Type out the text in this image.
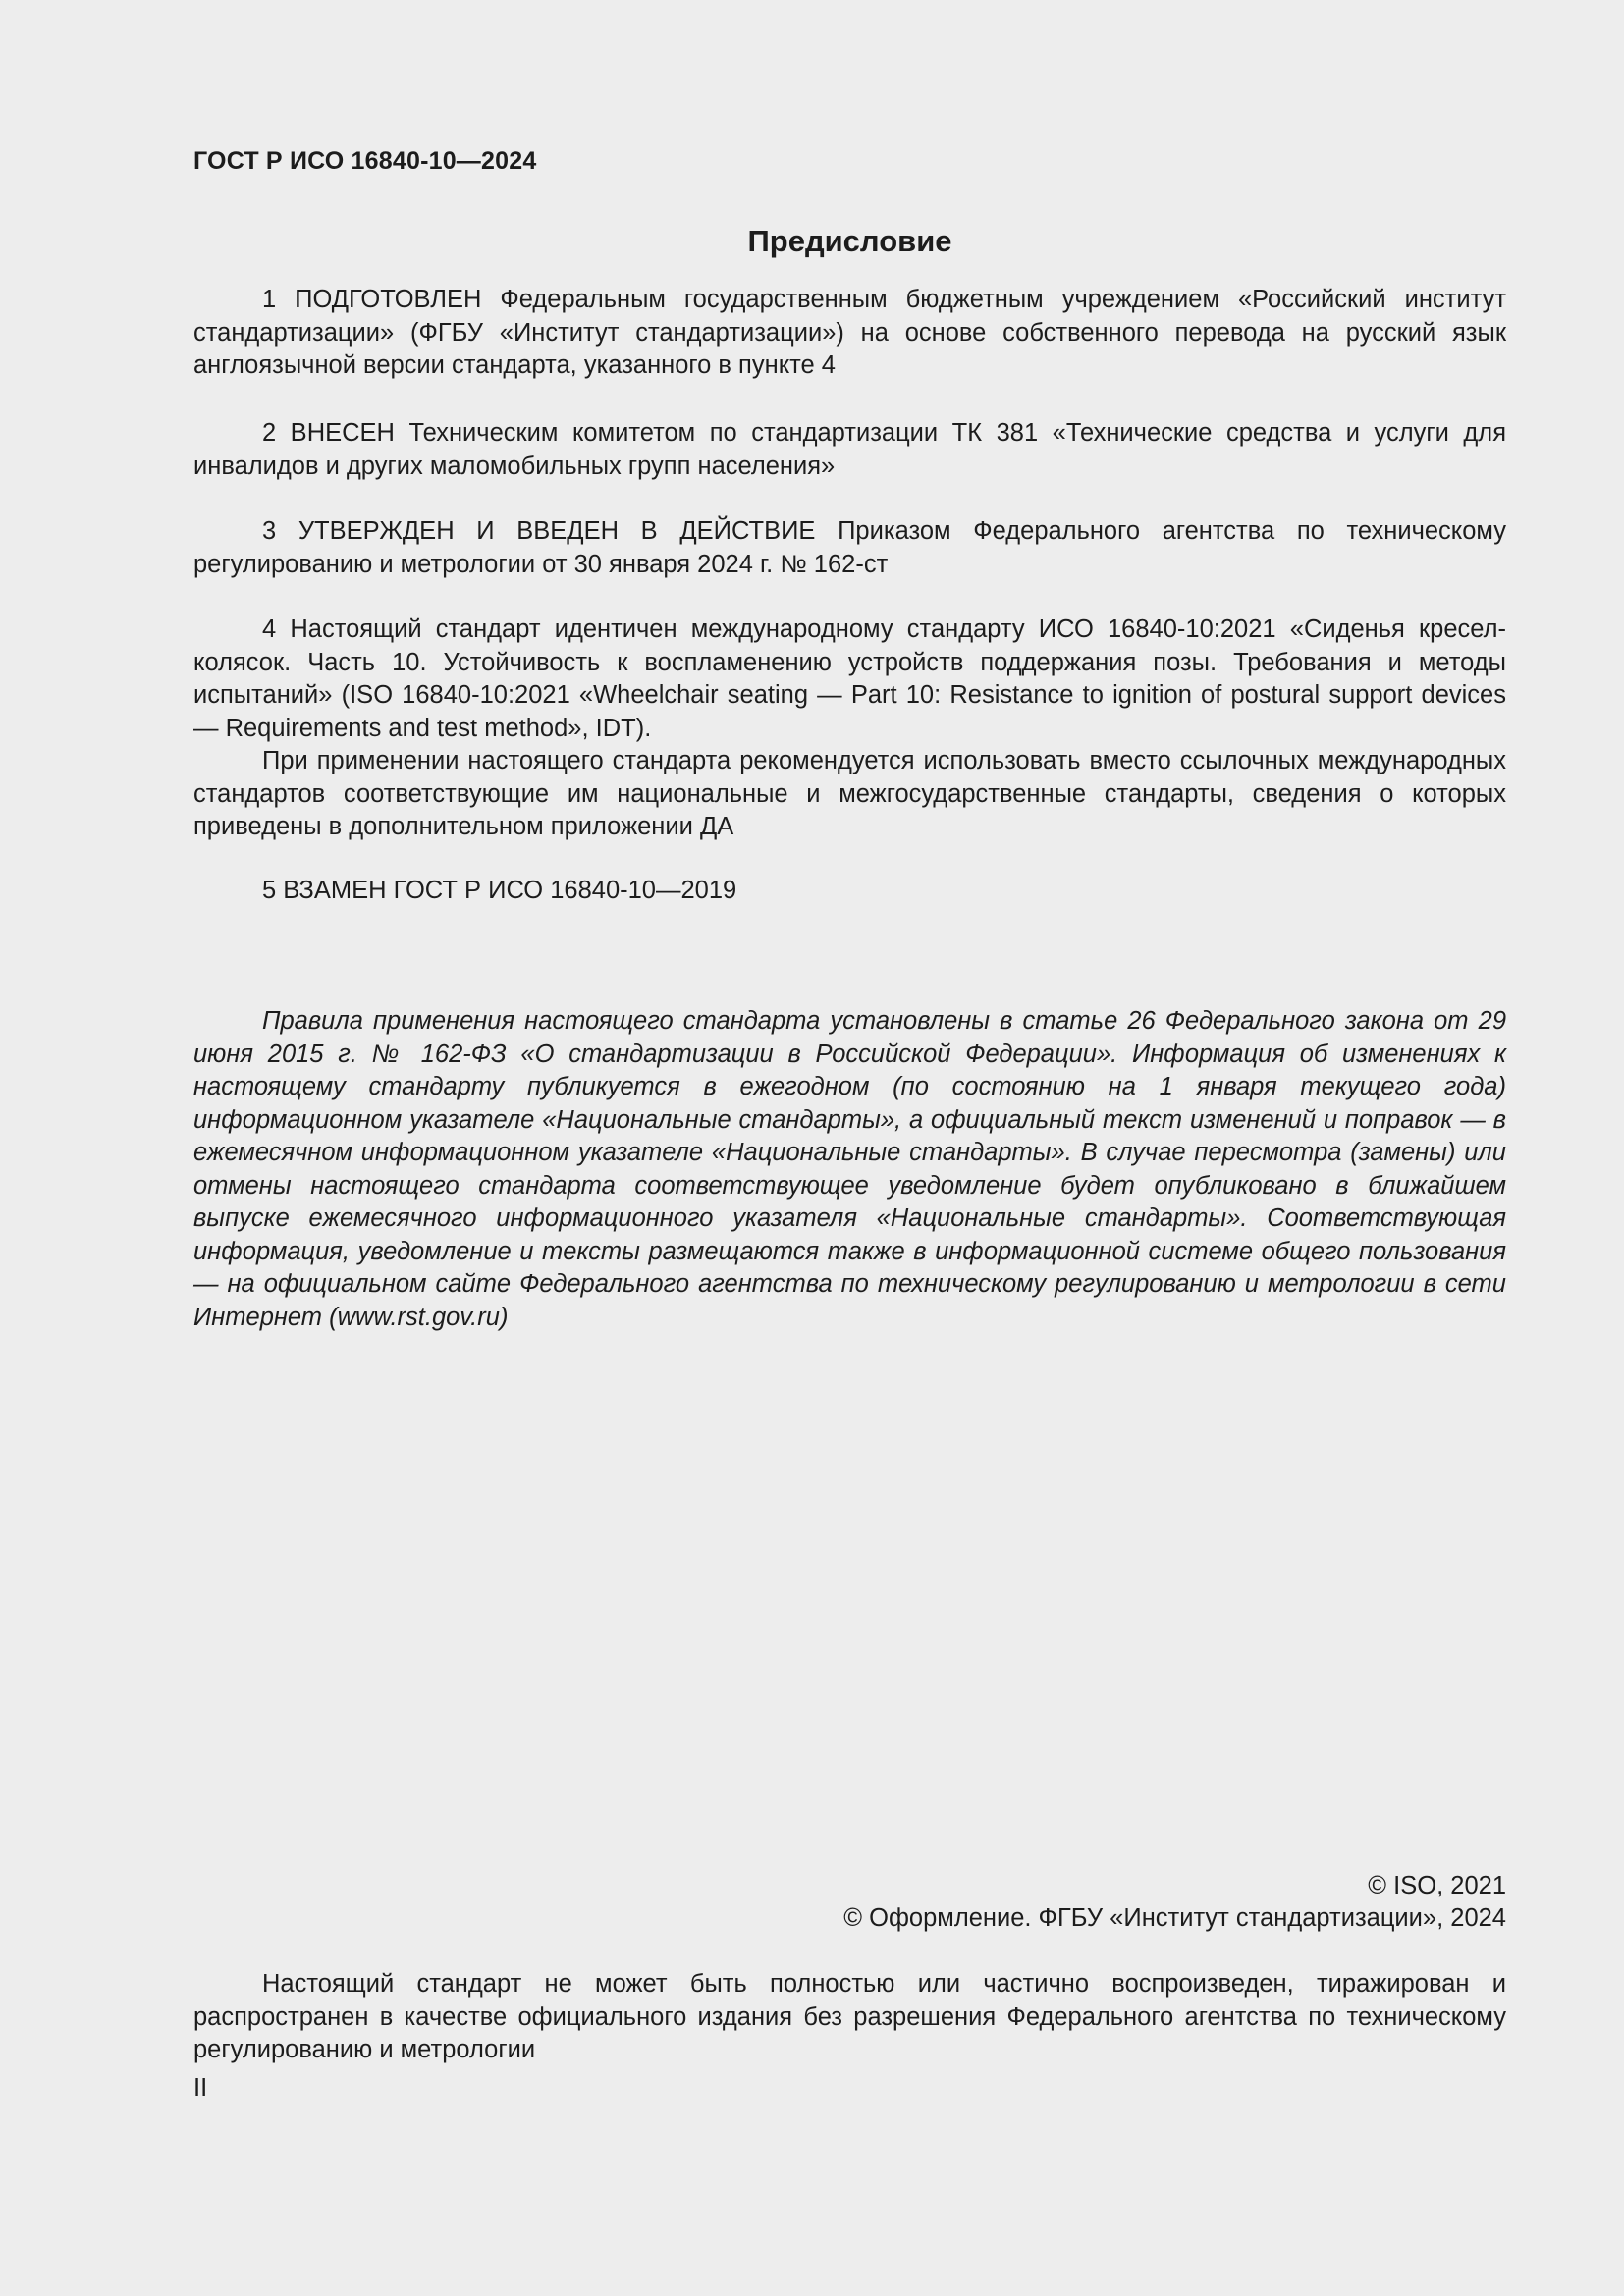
ГОСТ Р ИСО 16840-10—2024
Предисловие

1 ПОДГОТОВЛЕН Федеральным государственным бюджетным учреждением «Российский институт стандартизации» (ФГБУ «Институт стандартизации») на основе собственного перевода на русский язык англоязычной версии стандарта, указанного в пункте 4

2 ВНЕСЕН Техническим комитетом по стандартизации ТК 381 «Технические средства и услуги для инвалидов и других маломобильных групп населения»

3 УТВЕРЖДЕН И ВВЕДЕН В ДЕЙСТВИЕ Приказом Федерального агентства по техническому регулированию и метрологии от 30 января 2024 г. № 162-ст

4 Настоящий стандарт идентичен международному стандарту ИСО 16840-10:2021 «Сиденья кресел-колясок. Часть 10. Устойчивость к воспламенению устройств поддержания позы. Требования и методы испытаний» (ISO 16840-10:2021 «Wheelchair seating — Part 10: Resistance to ignition of postural support devices — Requirements and test method», IDT).

При применении настоящего стандарта рекомендуется использовать вместо ссылочных международных стандартов соответствующие им национальные и межгосударственные стандарты, сведения о которых приведены в дополнительном приложении ДА

5 ВЗАМЕН ГОСТ Р ИСО 16840-10—2019

Правила применения настоящего стандарта установлены в статье 26 Федерального закона от 29 июня 2015 г. № 162-ФЗ «О стандартизации в Российской Федерации». Информация об изменениях к настоящему стандарту публикуется в ежегодном (по состоянию на 1 января текущего года) информационном указателе «Национальные стандарты», а официальный текст изменений и поправок — в ежемесячном информационном указателе «Национальные стандарты». В случае пересмотра (замены) или отмены настоящего стандарта соответствующее уведомление будет опубликовано в ближайшем выпуске ежемесячного информационного указателя «Национальные стандарты». Соответствующая информация, уведомление и тексты размещаются также в информационной системе общего пользования — на официальном сайте Федерального агентства по техническому регулированию и метрологии в сети Интернет (www.rst.gov.ru)

© ISO, 2021
© Оформление. ФГБУ «Институт стандартизации», 2024

Настоящий стандарт не может быть полностью или частично воспроизведен, тиражирован и распространен в качестве официального издания без разрешения Федерального агентства по техническому регулированию и метрологии

II
